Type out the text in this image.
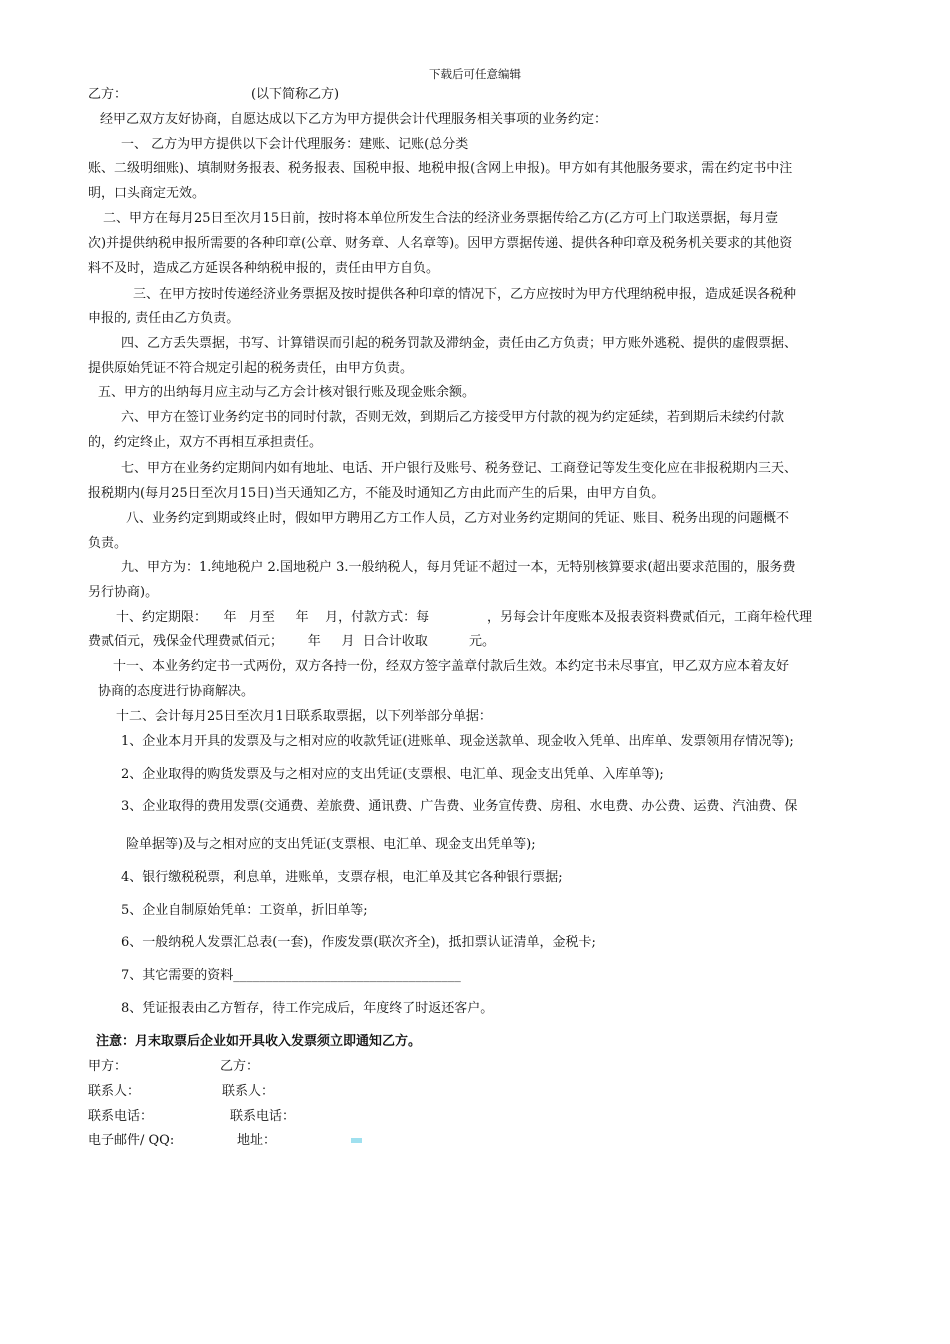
下载后可任意编辑
乙方：                              (以下简称乙方)
经甲乙双方友好协商，自愿达成以下乙方为甲方提供会计代理服务相关事项的业务约定：
一、 乙方为甲方提供以下会计代理服务：建账、记账(总分类
账、二级明细账)、填制财务报表、税务报表、国税申报、地税申报(含网上申报)。甲方如有其他服务要求，需在约定书中注
明，口头商定无效。
二、甲方在每月25日至次月15日前，按时将本单位所发生合法的经济业务票据传给乙方(乙方可上门取送票据，每月壹
次)并提供纳税申报所需要的各种印章(公章、财务章、人名章等)。因甲方票据传递、提供各种印章及税务机关要求的其他资
料不及时，造成乙方延误各种纳税申报的，责任由甲方自负。
三、在甲方按时传递经济业务票据及按时提供各种印章的情况下，乙方应按时为甲方代理纳税申报，造成延误各税种
申报的, 责任由乙方负责。
四、乙方丢失票据，书写、计算错误而引起的税务罚款及滞纳金，责任由乙方负责；甲方账外逃税、提供的虚假票据、
提供原始凭证不符合规定引起的税务责任，由甲方负责。
五、甲方的出纳每月应主动与乙方会计核对银行账及现金账余额。
六、甲方在签订业务约定书的同时付款，否则无效，到期后乙方接受甲方付款的视为约定延续，若到期后未续约付款
的，约定终止，双方不再相互承担责任。
七、甲方在业务约定期间内如有地址、电话、开户银行及账号、税务登记、工商登记等发生变化应在非报税期内三天、
报税期内(每月25日至次月15日)当天通知乙方，不能及时通知乙方由此而产生的后果，由甲方自负。
八、业务约定到期或终止时，假如甲方聘用乙方工作人员，乙方对业务约定期间的凭证、账目、税务出现的问题概不
负责。
九、甲方为：1.纯地税户 2.国地税户 3.一般纳税人，每月凭证不超过一本，无特别核算要求(超出要求范围的，服务费
另行协商)。
十、约定期限：    年   月至     年    月，付款方式：每              ，另每会计年度账本及报表资料费贰佰元，工商年检代理
费贰佰元，残保金代理费贰佰元；      年     月  日合计收取          元。
十一、本业务约定书一式两份，双方各持一份，经双方签字盖章付款后生效。本约定书未尽事宜，甲乙双方应本着友好
协商的态度进行协商解决。
十二、会计每月25日至次月1日联系取票据，以下列举部分单据：
1、企业本月开具的发票及与之相对应的收款凭证(进账单、现金送款单、现金收入凭单、出库单、发票领用存情况等);
2、企业取得的购货发票及与之相对应的支出凭证(支票根、电汇单、现金支出凭单、入库单等);
3、企业取得的费用发票(交通费、差旅费、通讯费、广告费、业务宣传费、房租、水电费、办公费、运费、汽油费、保
险单据等)及与之相对应的支出凭证(支票根、电汇单、现金支出凭单等);
4、银行缴税税票，利息单，进账单，支票存根，电汇单及其它各种银行票据;
5、企业自制原始凭单：工资单，折旧单等;
6、一般纳税人发票汇总表(一套)，作废发票(联次齐全)，抵扣票认证清单，金税卡;
7、其它需要的资料___________________________________
8、凭证报表由乙方暂存，待工作完成后，年度终了时返还客户。
注意：月末取票后企业如开具收入发票须立即通知乙方。
甲方：	乙方：
联系人：	联系人：
联系电话：	联系电话：
电子邮件/ QQ:	地址：
